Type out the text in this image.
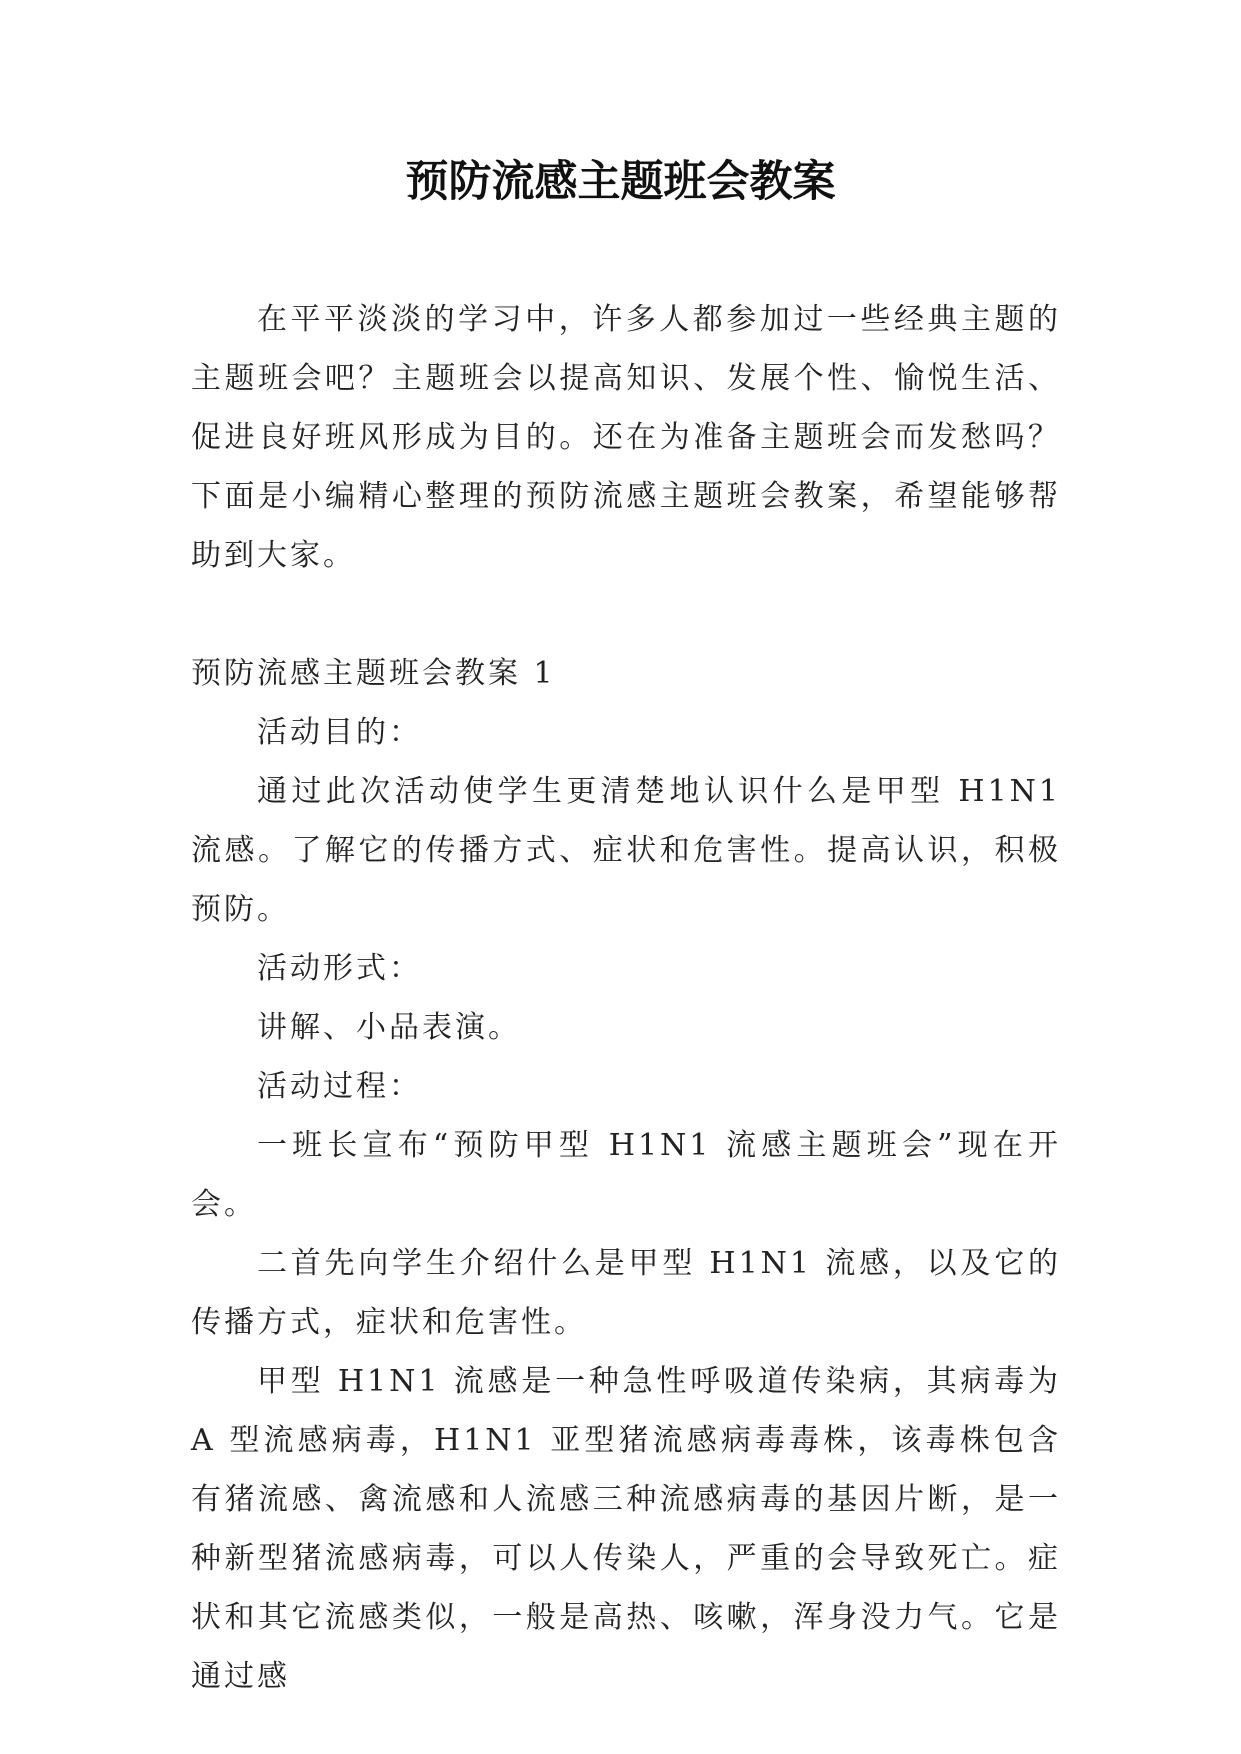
预防流感主题班会教案

在平平淡淡的学习中，许多人都参加过一些经典主题的主题班会吧？主题班会以提高知识、发展个性、愉悦生活、促进良好班风形成为目的。还在为准备主题班会而发愁吗？下面是小编精心整理的预防流感主题班会教案，希望能够帮助到大家。

预防流感主题班会教案 1

活动目的：

通过此次活动使学生更清楚地认识什么是甲型 H1N1 流感。了解它的传播方式、症状和危害性。提高认识，积极预防。

活动形式：

讲解、小品表演。

活动过程：

一班长宣布“预防甲型 H1N1 流感主题班会”现在开会。

二首先向学生介绍什么是甲型 H1N1 流感，以及它的传播方式，症状和危害性。

甲型 H1N1 流感是一种急性呼吸道传染病，其病毒为 A 型流感病毒，H1N1 亚型猪流感病毒毒株，该毒株包含有猪流感、禽流感和人流感三种流感病毒的基因片断，是一种新型猪流感病毒，可以人传染人，严重的会导致死亡。症状和其它流感类似，一般是高热、咳嗽，浑身没力气。它是通过感
